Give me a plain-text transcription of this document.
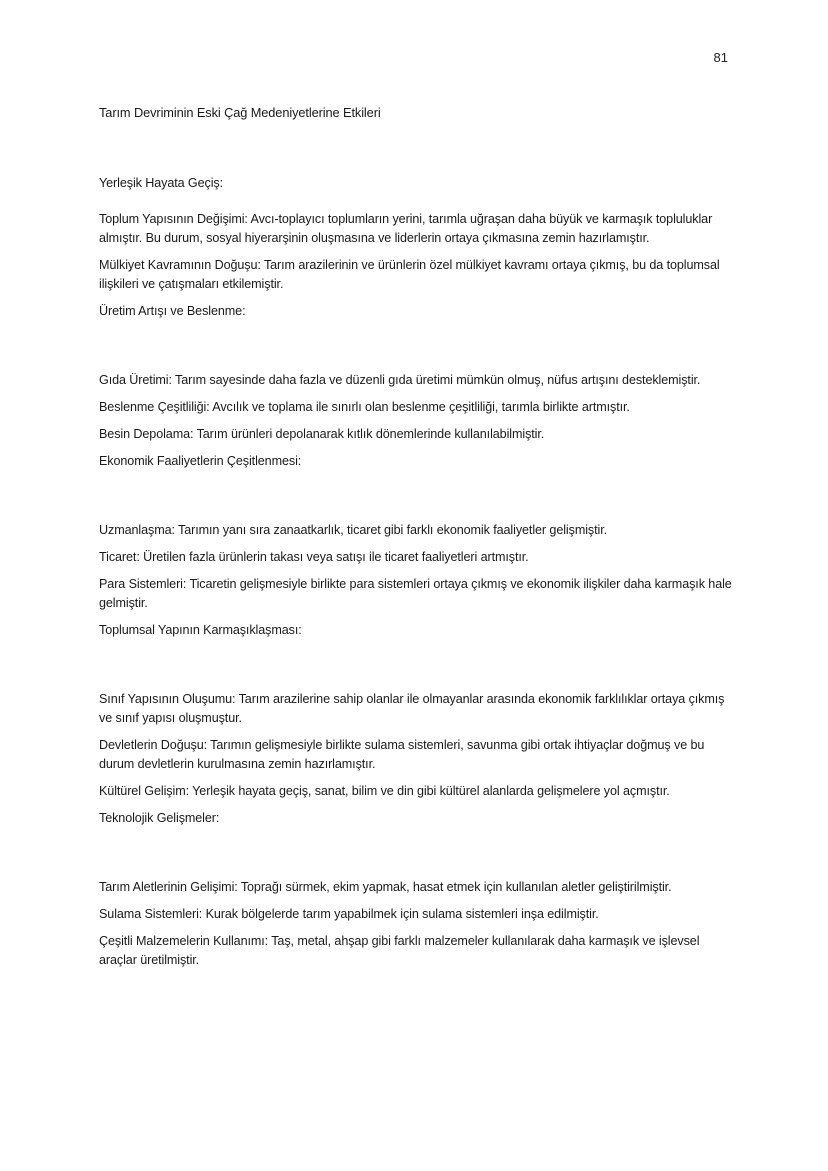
81

Tarım Devriminin Eski Çağ Medeniyetlerine Etkileri

Yerleşik Hayata Geçiş:

Toplum Yapısının Değişimi: Avcı-toplayıcı toplumların yerini, tarımla uğraşan daha büyük ve karmaşık topluluklar almıştır. Bu durum, sosyal hiyerarşinin oluşmasına ve liderlerin ortaya çıkmasına zemin hazırlamıştır.

Mülkiyet Kavramının Doğuşu: Tarım arazilerinin ve ürünlerin özel mülkiyet kavramı ortaya çıkmış, bu da toplumsal ilişkileri ve çatışmaları etkilemiştir.

Üretim Artışı ve Beslenme:

Gıda Üretimi: Tarım sayesinde daha fazla ve düzenli gıda üretimi mümkün olmuş, nüfus artışını desteklemiştir.

Beslenme Çeşitliliği: Avcılık ve toplama ile sınırlı olan beslenme çeşitliliği, tarımla birlikte artmıştır.

Besin Depolama: Tarım ürünleri depolanarak kıtlık dönemlerinde kullanılabilmiştir.

Ekonomik Faaliyetlerin Çeşitlenmesi:

Uzmanlaşma: Tarımın yanı sıra zanaatkarlık, ticaret gibi farklı ekonomik faaliyetler gelişmiştir.

Ticaret: Üretilen fazla ürünlerin takası veya satışı ile ticaret faaliyetleri artmıştır.

Para Sistemleri: Ticaretin gelişmesiyle birlikte para sistemleri ortaya çıkmış ve ekonomik ilişkiler daha karmaşık hale gelmiştir.

Toplumsal Yapının Karmaşıklaşması:

Sınıf Yapısının Oluşumu: Tarım arazilerine sahip olanlar ile olmayanlar arasında ekonomik farklılıklar ortaya çıkmış ve sınıf yapısı oluşmuştur.

Devletlerin Doğuşu: Tarımın gelişmesiyle birlikte sulama sistemleri, savunma gibi ortak ihtiyaçlar doğmuş ve bu durum devletlerin kurulmasına zemin hazırlamıştır.

Kültürel Gelişim: Yerleşik hayata geçiş, sanat, bilim ve din gibi kültürel alanlarda gelişmelere yol açmıştır.

Teknolojik Gelişmeler:

Tarım Aletlerinin Gelişimi: Toprağı sürmek, ekim yapmak, hasat etmek için kullanılan aletler geliştirilmiştir.

Sulama Sistemleri: Kurak bölgelerde tarım yapabilmek için sulama sistemleri inşa edilmiştir.

Çeşitli Malzemelerin Kullanımı: Taş, metal, ahşap gibi farklı malzemeler kullanılarak daha karmaşık ve işlevsel araçlar üretilmiştir.
